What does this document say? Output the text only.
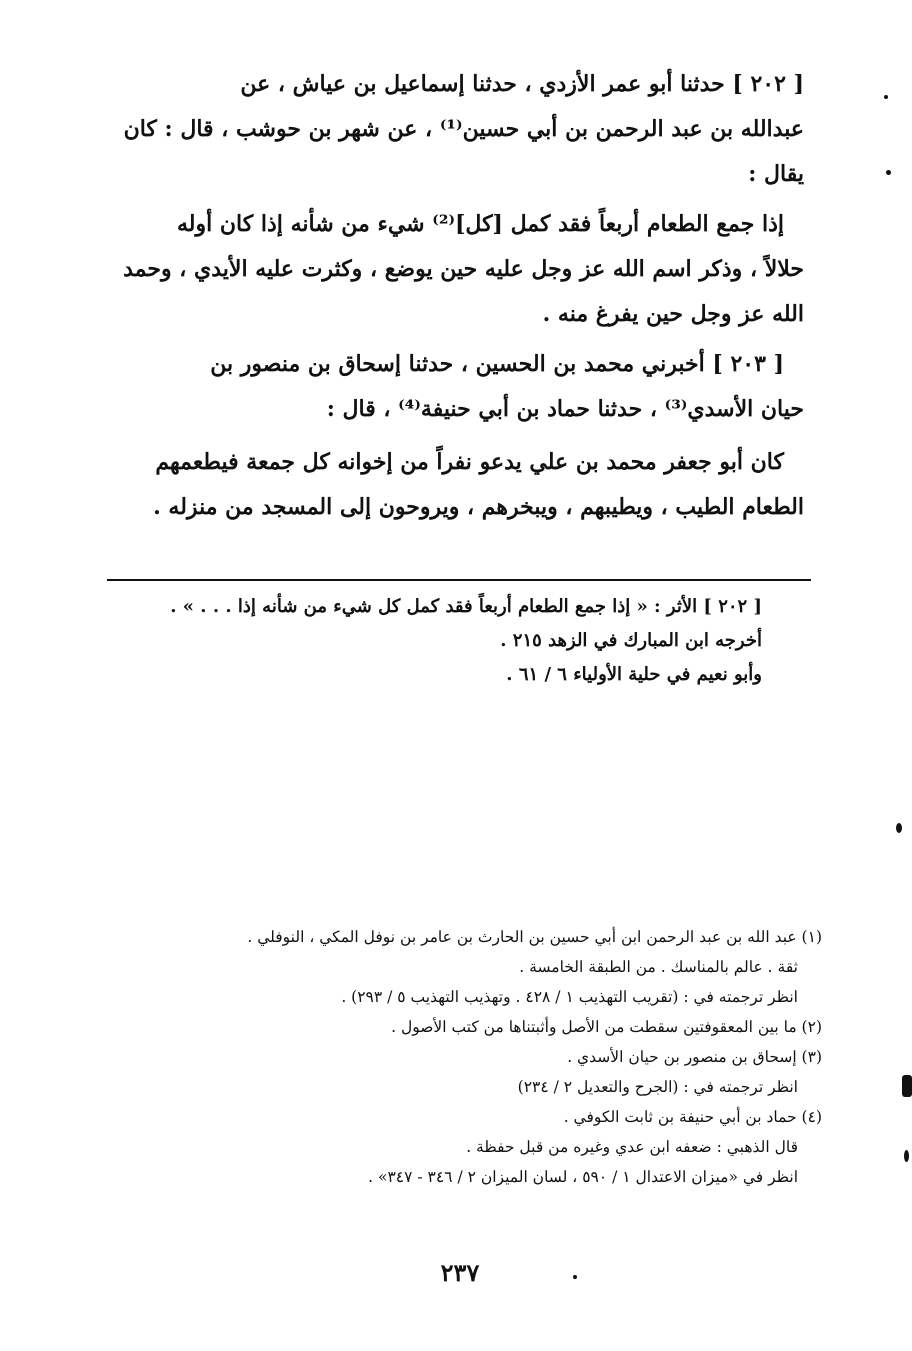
[ ٢٠٢ ] حدثنا أبو عمر الأزدي ، حدثنا إسماعيل بن عياش ، عن
عبدالله بن عبد الرحمن بن أبي حسين⁽¹⁾ ، عن شهر بن حوشب ، قال : كان
يقال :

إذا جمع الطعام أربعاً فقد كمل [كل]⁽²⁾ شيء من شأنه إذا كان أوله
حلالاً ، وذكر اسم الله عز وجل عليه حين يوضع ، وكثرت عليه الأيدي ، وحمد
الله عز وجل حين يفرغ منه .

[ ٢٠٣ ] أخبرني محمد بن الحسين ، حدثنا إسحاق بن منصور بن
حيان الأسدي⁽³⁾ ، حدثنا حماد بن أبي حنيفة⁽⁴⁾ ، قال :

كان أبو جعفر محمد بن علي يدعو نفراً من إخوانه كل جمعة فيطعمهم
الطعام الطيب ، ويطيبهم ، ويبخرهم ، ويروحون إلى المسجد من منزله .

[ ٢٠٢ ] الأثر : « إذا جمع الطعام أربعاً فقد كمل كل شيء من شأنه إذا . . . » .
أخرجه ابن المبارك في الزهد ٢١٥ .
وأبو نعيم في حلية الأولياء ٦ / ٦١ .
(١) عبد الله بن عبد الرحمن ابن أبي حسين بن الحارث بن عامر بن نوفل المكي ، النوفلي .
ثقة . عالم بالمناسك . من الطبقة الخامسة .
انظر ترجمته في : (تقريب التهذيب ١ / ٤٢٨ . وتهذيب التهذيب ٥ / ٢٩٣) .
(٢) ما بين المعقوفتين سقطت من الأصل وأثبتناها من كتب الأصول .
(٣) إسحاق بن منصور بن حيان الأسدي .
انظر ترجمته في : (الجرح والتعديل ٢ / ٢٣٤)
(٤) حماد بن أبي حنيفة بن ثابت الكوفي .
قال الذهبي : ضعفه ابن عدي وغيره من قبل حفظة .
انظر في «ميزان الاعتدال ١ / ٥٩٠ ، لسان الميزان ٢ / ٣٤٦ - ٣٤٧» .
٢٣٧
